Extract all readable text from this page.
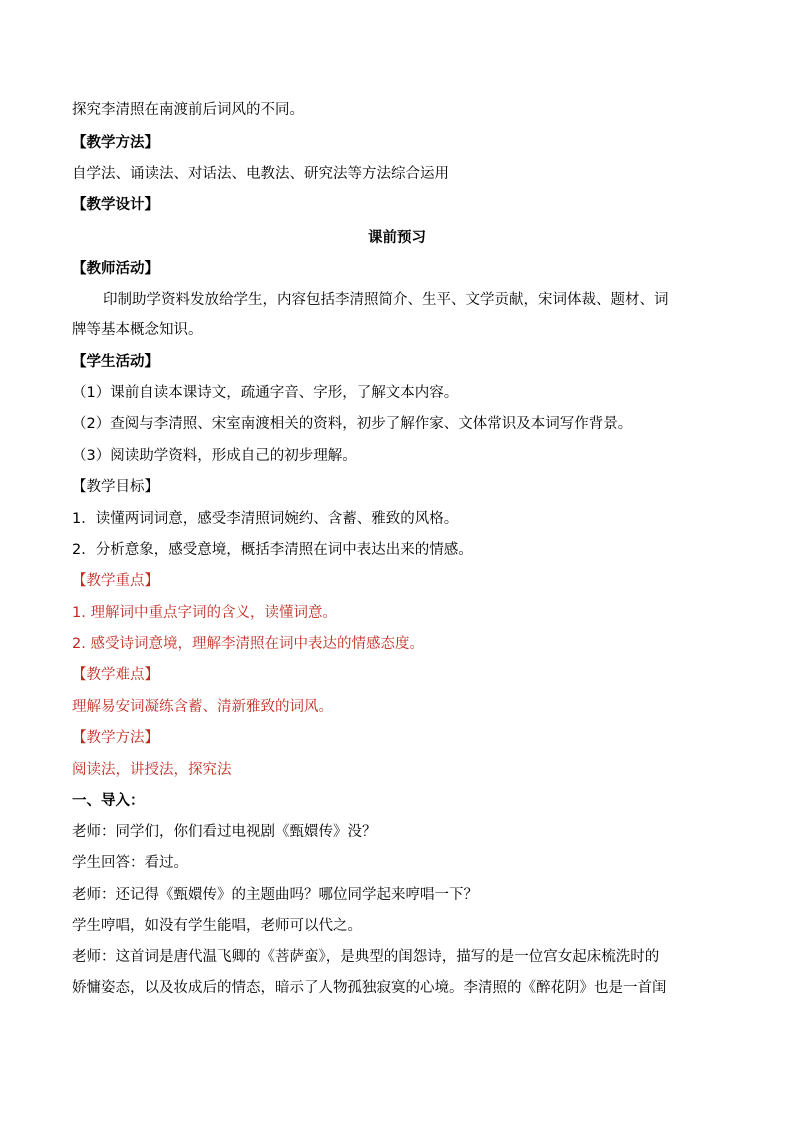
探究李清照在南渡前后词风的不同。
【教学方法】
自学法、诵读法、对话法、电教法、研究法等方法综合运用
【教学设计】
课前预习
【教师活动】
印制助学资料发放给学生，内容包括李清照简介、生平、文学贡献，宋词体裁、题材、词
牌等基本概念知识。
【学生活动】
（1）课前自读本课诗文，疏通字音、字形，了解文本内容。
（2）查阅与李清照、宋室南渡相关的资料，初步了解作家、文体常识及本词写作背景。
（3）阅读助学资料，形成自己的初步理解。
【教学目标】
1．读懂两词词意，感受李清照词婉约、含蓄、雅致的风格。
2．分析意象，感受意境，概括李清照在词中表达出来的情感。
【教学重点】
1. 理解词中重点字词的含义，读懂词意。
2. 感受诗词意境，理解李清照在词中表达的情感态度。
【教学难点】
理解易安词凝练含蓄、清新雅致的词风。
【教学方法】
阅读法，讲授法，探究法
一、导入：
老师：同学们，你们看过电视剧《甄嬛传》没？
学生回答：看过。
老师：还记得《甄嬛传》的主题曲吗？哪位同学起来哼唱一下？
学生哼唱，如没有学生能唱，老师可以代之。
老师：这首词是唐代温飞卿的《菩萨蛮》，是典型的闺怨诗，描写的是一位宫女起床梳洗时的
娇慵姿态，以及妆成后的情态，暗示了人物孤独寂寞的心境。李清照的《醉花阴》也是一首闺
